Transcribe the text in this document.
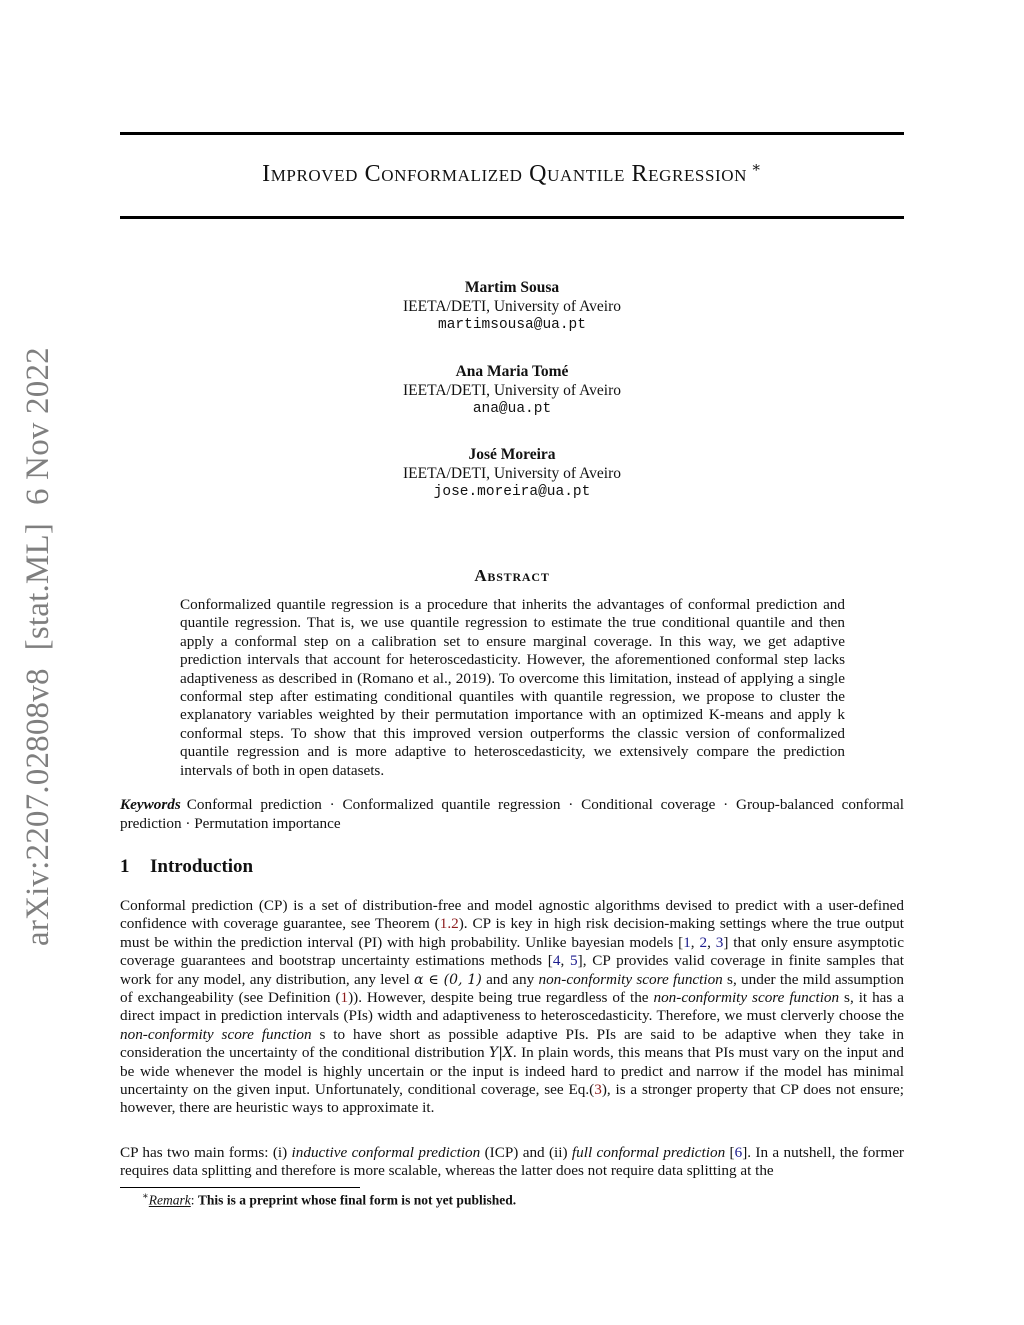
arXiv:2207.02808v8[stat.ML]6 Nov 2022
Improved Conformalized Quantile Regression ∗
Martim Sousa
IEETA/DETI, University of Aveiro
martimsousa@ua.pt
Ana Maria Tomé
IEETA/DETI, University of Aveiro
ana@ua.pt
José Moreira
IEETA/DETI, University of Aveiro
jose.moreira@ua.pt
Abstract
Conformalized quantile regression is a procedure that inherits the advantages of conformal prediction and quantile regression. That is, we use quantile regression to estimate the true conditional quantile and then apply a conformal step on a calibration set to ensure marginal coverage. In this way, we get adaptive prediction intervals that account for heteroscedasticity. However, the aforementioned conformal step lacks adaptiveness as described in (Romano et al., 2019). To overcome this limitation, instead of applying a single conformal step after estimating conditional quantiles with quantile regression, we propose to cluster the explanatory variables weighted by their permutation importance with an optimized K-means and apply k conformal steps. To show that this improved version outperforms the classic version of conformalized quantile regression and is more adaptive to heteroscedasticity, we extensively compare the prediction intervals of both in open datasets.
Keywords Conformal prediction · Conformalized quantile regression · Conditional coverage · Group-balanced conformal prediction · Permutation importance
1 Introduction

Conformal prediction (CP) is a set of distribution-free and model agnostic algorithms devised to predict with a user-defined confidence with coverage guarantee, see Theorem (1.2). CP is key in high risk decision-making settings where the true output must be within the prediction interval (PI) with high probability. Unlike bayesian models [1, 2, 3] that only ensure asymptotic coverage guarantees and bootstrap uncertainty estimations methods [4, 5], CP provides valid coverage in finite samples that work for any model, any distribution, any level α ∈ (0, 1) and any non-conformity score function s, under the mild assumption of exchangeability (see Definition (1)). However, despite being true regardless of the non-conformity score function s, it has a direct impact in prediction intervals (PIs) width and adaptiveness to heteroscedasticity. Therefore, we must clerverly choose the non-conformity score function s to have short as possible adaptive PIs. PIs are said to be adaptive when they take in consideration the uncertainty of the conditional distribution Y|X. In plain words, this means that PIs must vary on the input and be wide whenever the model is highly uncertain or the input is indeed hard to predict and narrow if the model has minimal uncertainty on the given input. Unfortunately, conditional coverage, see Eq.(3), is a stronger property that CP does not ensure; however, there are heuristic ways to approximate it.

CP has two main forms: (i) inductive conformal prediction (ICP) and (ii) full conformal prediction [6]. In a nutshell, the former requires data splitting and therefore is more scalable, whereas the latter does not require data splitting at the

∗Remark: This is a preprint whose final form is not yet published.
